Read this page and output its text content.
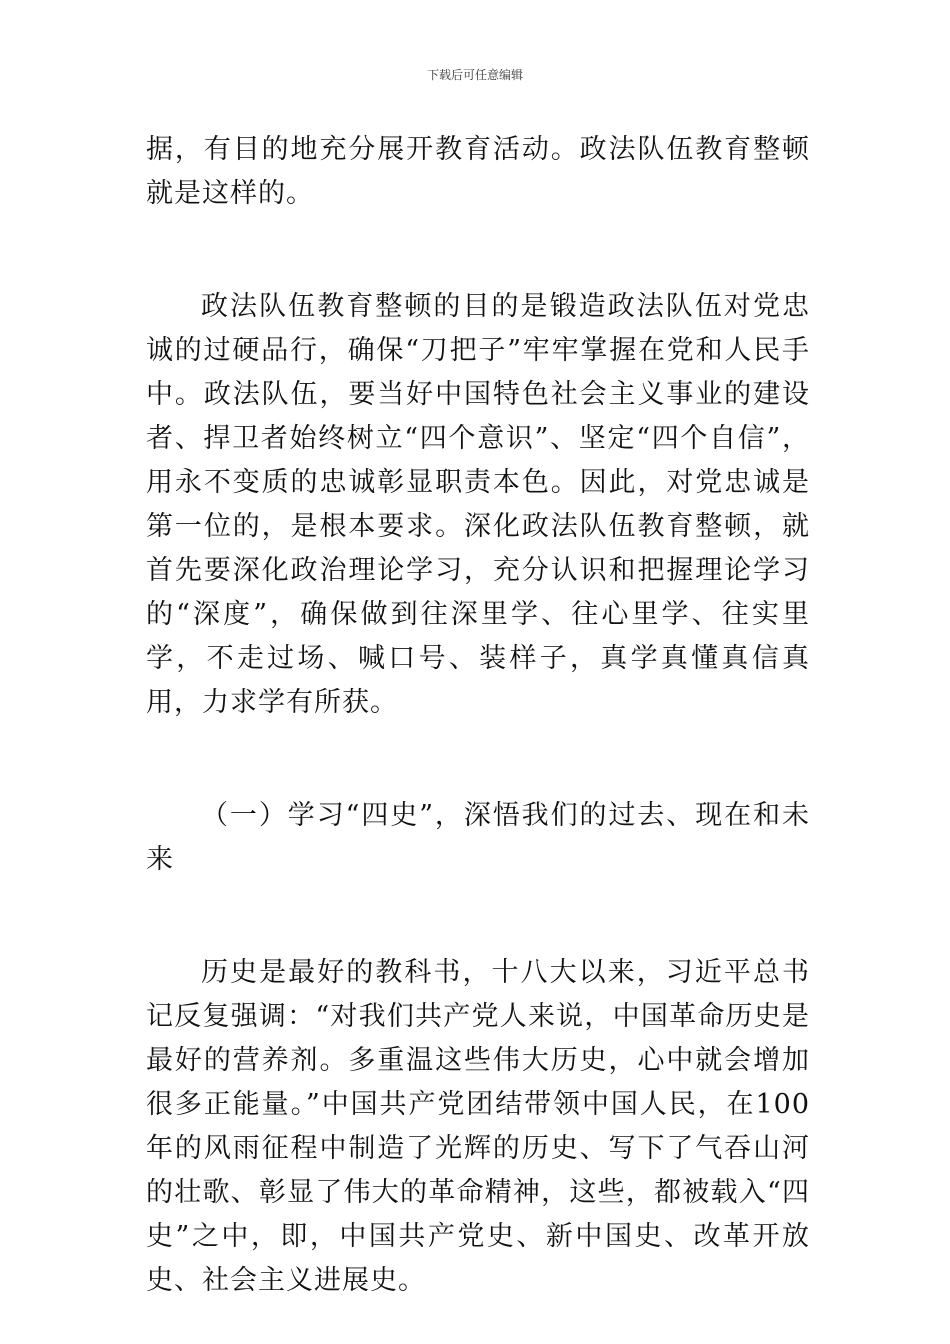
下载后可任意编辑

据，有目的地充分展开教育活动。政法队伍教育整顿就是这样的。

政法队伍教育整顿的目的是锻造政法队伍对党忠诚的过硬品行，确保“刀把子”牢牢掌握在党和人民手中。政法队伍，要当好中国特色社会主义事业的建设者、捍卫者始终树立“四个意识”、坚定“四个自信”，用永不变质的忠诚彰显职责本色。因此，对党忠诚是第一位的，是根本要求。深化政法队伍教育整顿，就首先要深化政治理论学习，充分认识和把握理论学习的“深度”，确保做到往深里学、往心里学、往实里学，不走过场、喊口号、装样子，真学真懂真信真用，力求学有所获。

（一）学习“四史”，深悟我们的过去、现在和未来

历史是最好的教科书，十八大以来，习近平总书记反复强调：“对我们共产党人来说，中国革命历史是最好的营养剂。多重温这些伟大历史，心中就会增加很多正能量。”中国共产党团结带领中国人民，在100年的风雨征程中制造了光辉的历史、写下了气吞山河的壮歌、彰显了伟大的革命精神，这些，都被载入“四史”之中，即，中国共产党史、新中国史、改革开放史、社会主义进展史。
